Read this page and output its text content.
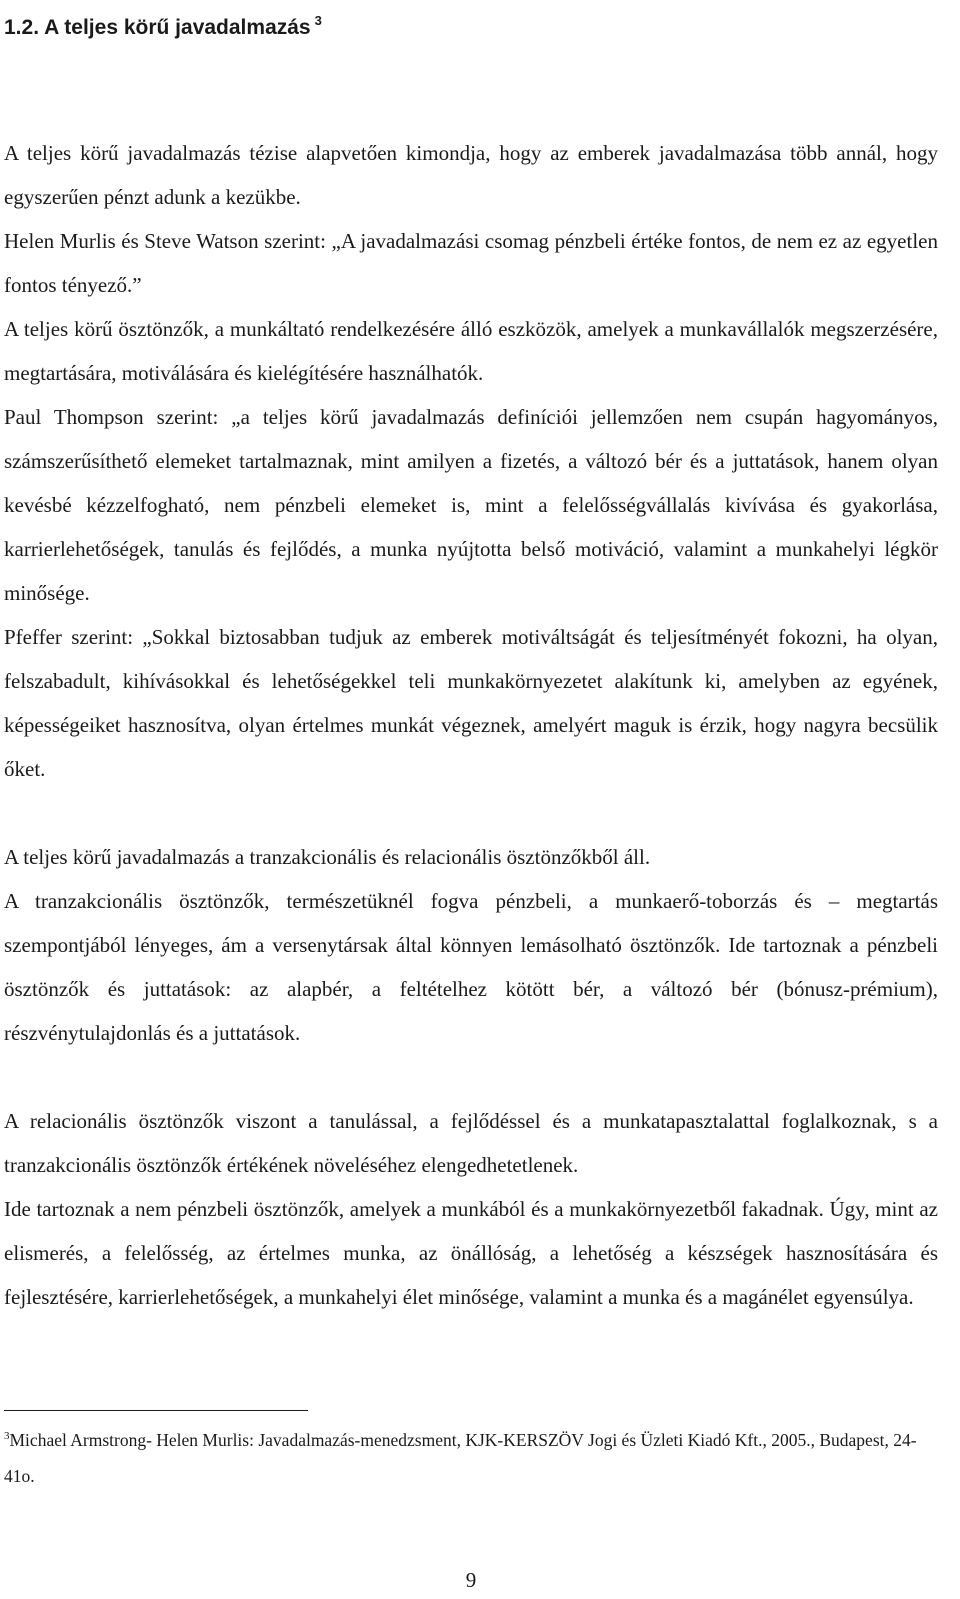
1.2. A teljes körű javadalmazás $^3$

A teljes körű javadalmazás tézise alapvetően kimondja, hogy az emberek javadalmazása több annál, hogy egyszerűen pénzt adunk a kezükbe.

Helen Murlis és Steve Watson szerint: „A javadalmazási csomag pénzbeli értéke fontos, de nem ez az egyetlen fontos tényező.”

A teljes körű ösztönzők, a munkáltató rendelkezésére álló eszközök, amelyek a munkavállalók megszerzésére, megtartására, motiválására és kielégítésére használhatók.

Paul Thompson szerint: „a teljes körű javadalmazás definíciói jellemzően nem csupán hagyományos, számszerűsíthető elemeket tartalmaznak, mint amilyen a fizetés, a változó bér és a juttatások, hanem olyan kevésbé kézzelfogható, nem pénzbeli elemeket is, mint a felelősségvállalás kivívása és gyakorlása, karrierlehetőségek, tanulás és fejlődés, a munka nyújtotta belső motiváció, valamint a munkahelyi légkör minősége.

Pfeffer szerint: „Sokkal biztosabban tudjuk az emberek motiváltságát és teljesítményét fokozni, ha olyan, felszabadult, kihívásokkal és lehetőségekkel teli munkakörnyezetet alakítunk ki, amelyben az egyének, képességeiket hasznosítva, olyan értelmes munkát végeznek, amelyért maguk is érzik, hogy nagyra becsülik őket.

A teljes körű javadalmazás a tranzakcionális és relacionális ösztönzőkből áll.

A tranzakcionális ösztönzők, természetüknél fogva pénzbeli, a munkaerő-toborzás és – megtartás szempontjából lényeges, ám a versenytársak által könnyen lemásolható ösztönzők. Ide tartoznak a pénzbeli ösztönzők és juttatások: az alapbér, a feltételhez kötött bér, a változó bér (bónusz-prémium), részvénytulajdonlás és a juttatások.

A relacionális ösztönzők viszont a tanulással, a fejlődéssel és a munkatapasztalattal foglalkoznak, s a tranzakcionális ösztönzők értékének növeléséhez elengedhetetlenek.

Ide tartoznak a nem pénzbeli ösztönzők, amelyek a munkából és a munkakörnyezetből fakadnak. Úgy, mint az elismerés, a felelősség, az értelmes munka, az önállóság, a lehetőség a készségek hasznosítására és fejlesztésére, karrierlehetőségek, a munkahelyi élet minősége, valamint a munka és a magánélet egyensúlya.

$^3$Michael Armstrong- Helen Murlis: Javadalmazás-menedzsment, KJK-KERSZÖV Jogi és Üzleti Kiadó Kft., 2005., Budapest, 24-41o.
9
